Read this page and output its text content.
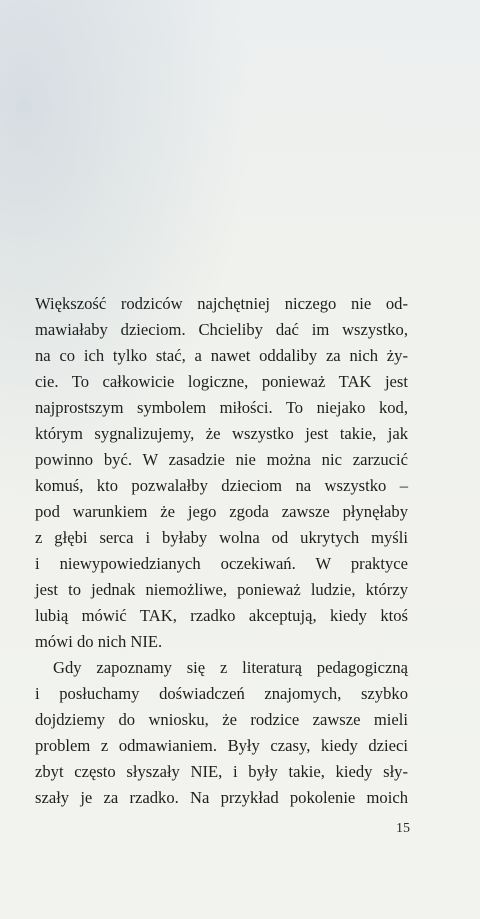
Większość rodziców najchętniej niczego nie od-
mawiałaby dzieciom. Chcieliby dać im wszystko,
na co ich tylko stać, a nawet oddaliby za nich ży-
cie. To całkowicie logiczne, ponieważ TAK jest
najprostszym symbolem miłości. To niejako kod,
którym sygnalizujemy, że wszystko jest takie, jak
powinno być. W zasadzie nie można nic zarzucić
komuś, kto pozwalałby dzieciom na wszystko –
pod warunkiem że jego zgoda zawsze płynęłaby
z głębi serca i byłaby wolna od ukrytych myśli
i niewypowiedzianych oczekiwań. W praktyce
jest to jednak niemożliwe, ponieważ ludzie, którzy
lubią mówić TAK, rzadko akceptują, kiedy ktoś
mówi do nich NIE.
Gdy zapoznamy się z literaturą pedagogiczną
i posłuchamy doświadczeń znajomych, szybko
dojdziemy do wniosku, że rodzice zawsze mieli
problem z odmawianiem. Były czasy, kiedy dzieci
zbyt często słyszały NIE, i były takie, kiedy sły-
szały je za rzadko. Na przykład pokolenie moich
15
